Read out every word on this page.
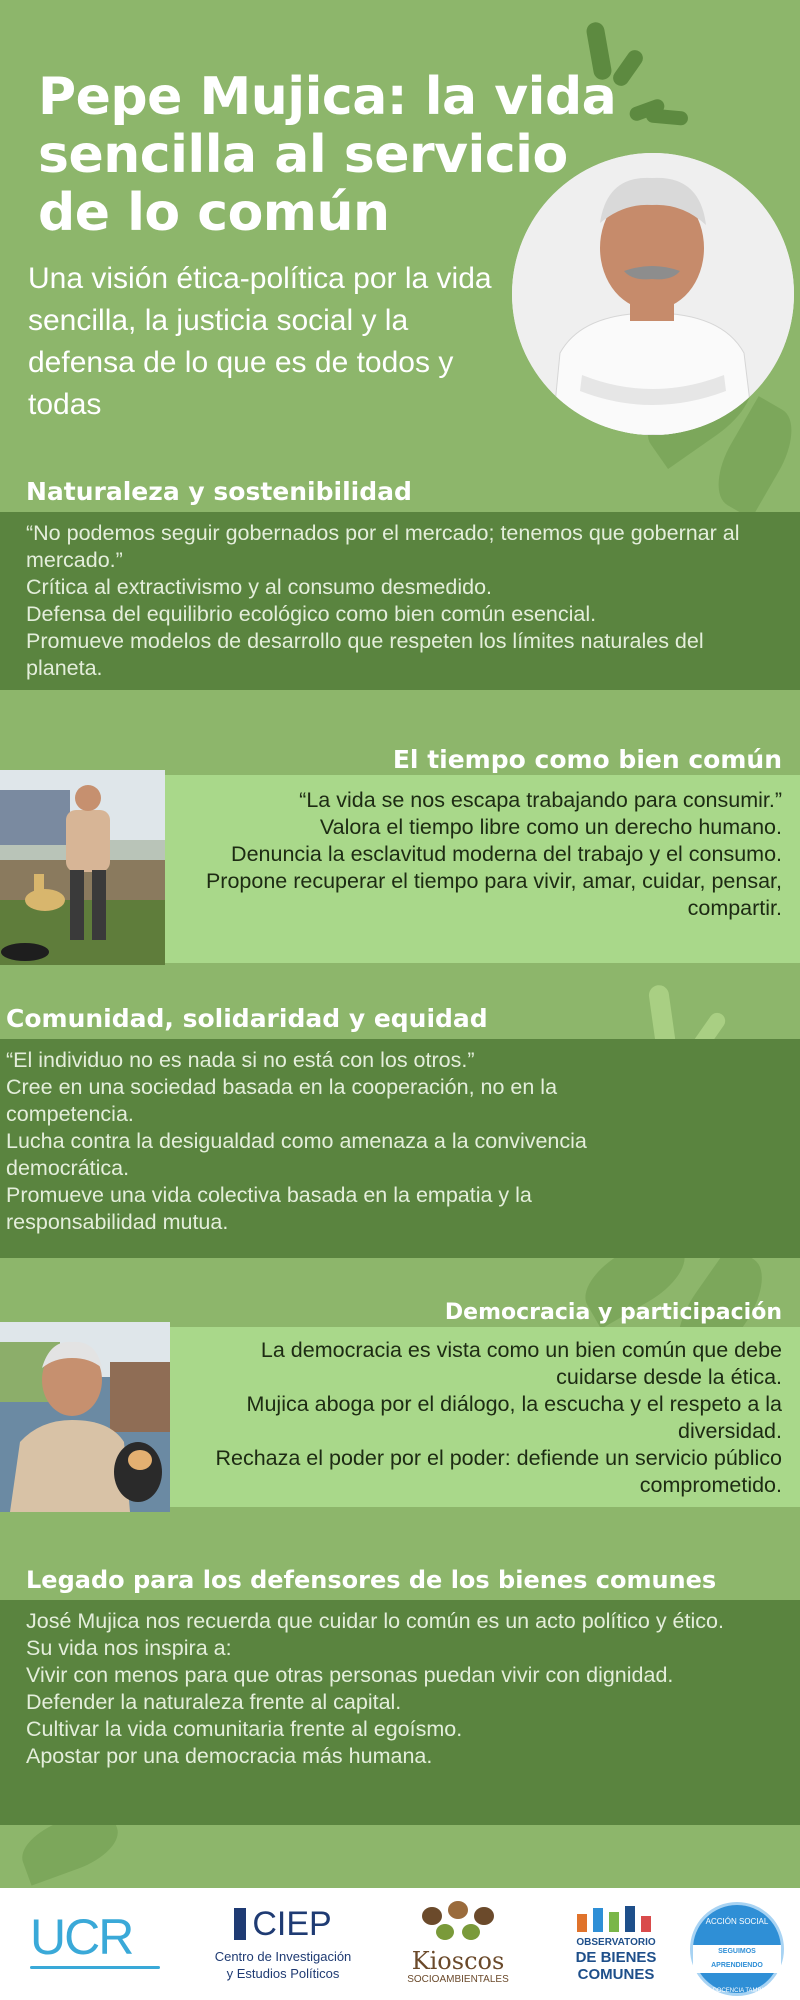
Pepe Mujica: la vida sencilla al servicio de lo común
Una visión ética-política por la vida sencilla, la justicia social y la defensa de lo que es de todos y todas
Naturaleza y sostenibilidad

“No podemos seguir gobernados por el mercado; tenemos que gobernar al mercado.”

Crítica al extractivismo y al consumo desmedido.

Defensa del equilibrio ecológico como bien común esencial.

Promueve modelos de desarrollo que respeten los límites naturales del planeta.

El tiempo como bien común

“La vida se nos escapa trabajando para consumir.”

Valora el tiempo libre como un derecho humano.

Denuncia la esclavitud moderna del trabajo y el consumo.

Propone recuperar el tiempo para vivir, amar, cuidar, pensar, compartir.

Comunidad, solidaridad y equidad

“El individuo no es nada si no está con los otros.”

Cree en una sociedad basada en la cooperación, no en la competencia.

Lucha contra la desigualdad como amenaza a la convivencia democrática.

Promueve una vida colectiva basada en la empatia y la responsabilidad mutua.

Democracia y participación

La democracia es vista como un bien común que debe cuidarse desde la ética.

Mujica aboga por el diálogo, la escucha y el respeto a la diversidad.

Rechaza el poder por el poder: defiende un servicio público comprometido.

Legado para los defensores de los bienes comunes

José Mujica nos recuerda que cuidar lo común es un acto político y ético.

Su vida nos inspira a:

Vivir con menos para que otras personas puedan vivir con dignidad.

Defender la naturaleza frente al capital.

Cultivar la vida comunitaria frente al egoísmo.

Apostar por una democracia más humana.

UCR	CIEP
Centro de Investigación
y Estudios Políticos	Kioscos
SOCIOAMBIENTALES
OBSERVATORIO
DE BIENES
COMUNES
ACCIÓN SOCIAL
SEGUIMOS APRENDIENDO
EN DOCENCIA TAMBIÉN
